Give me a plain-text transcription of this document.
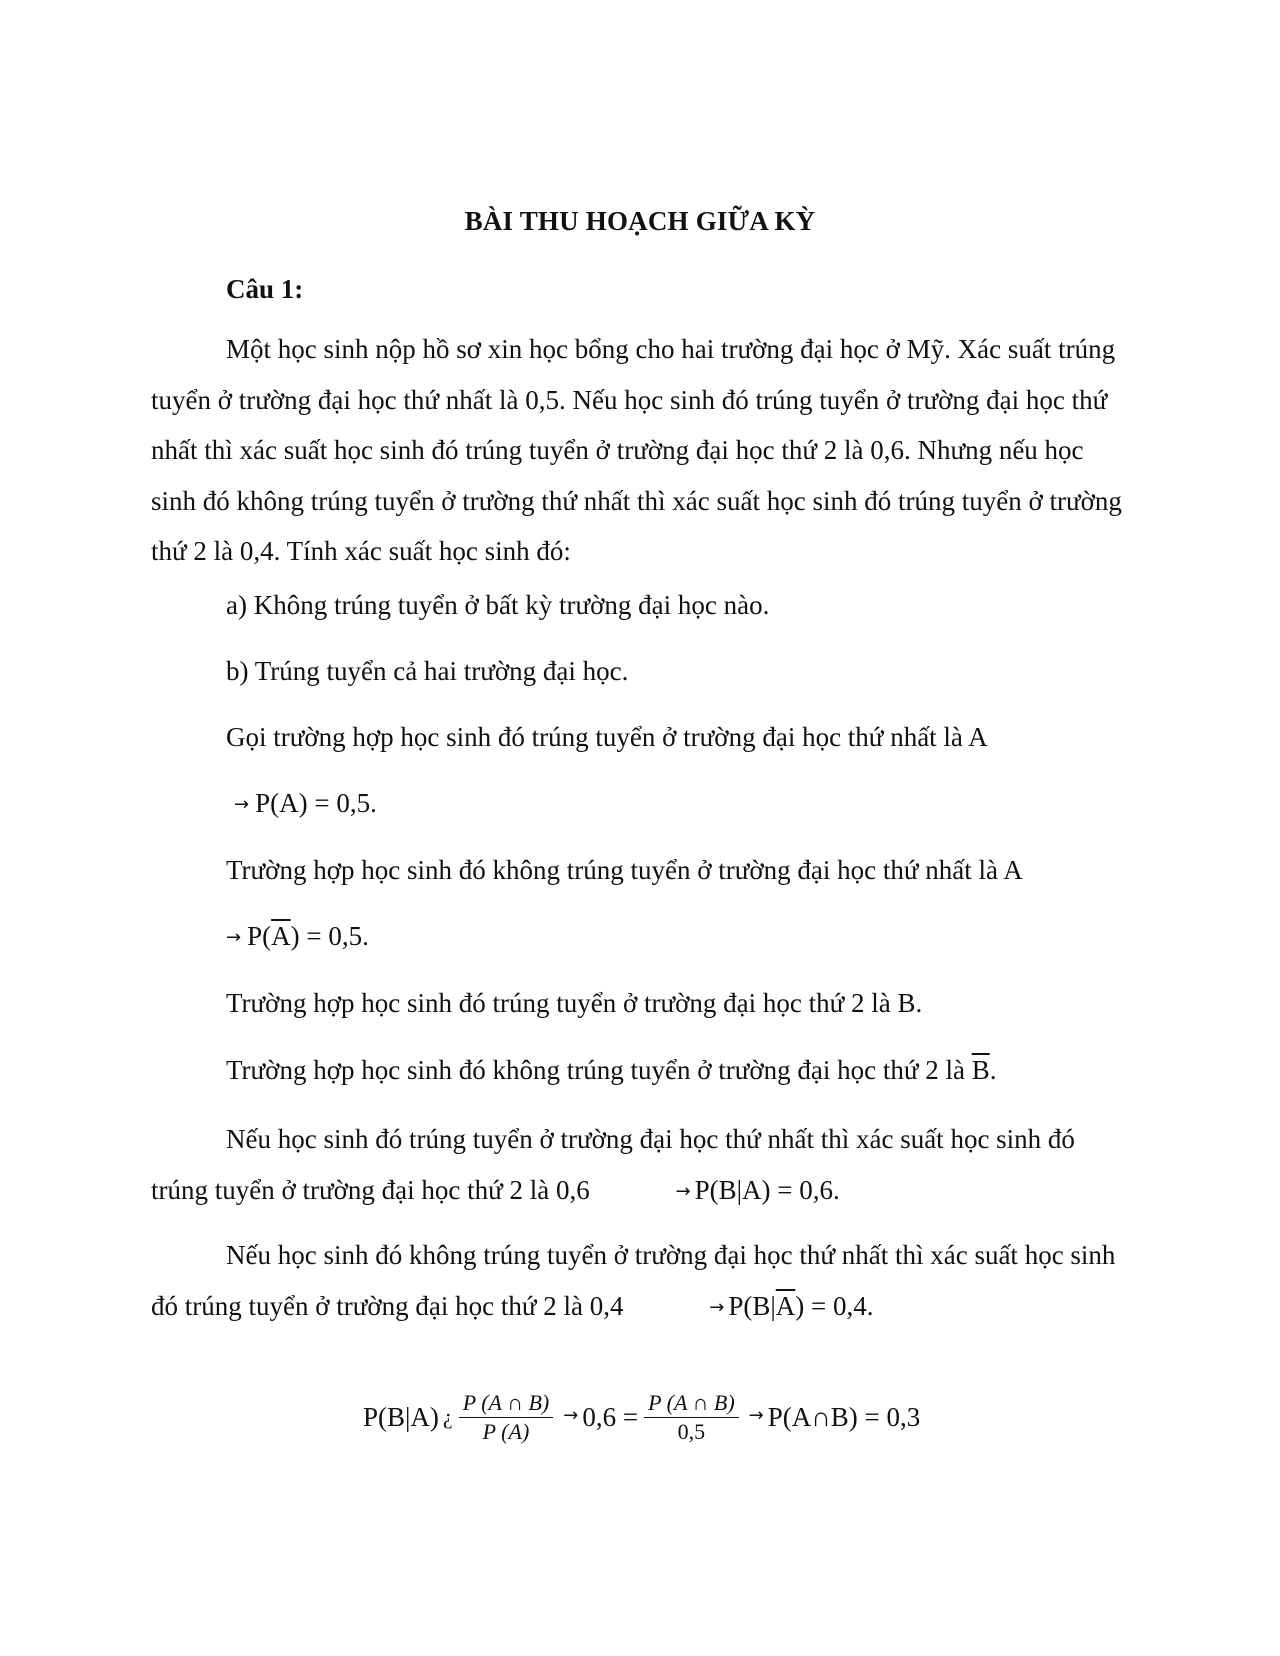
BÀI THU HOẠCH GIỮA KỲ
Câu 1:

Một học sinh nộp hồ sơ xin học bổng cho hai trường đại học ở Mỹ. Xác suất trúng tuyển ở trường đại học thứ nhất là 0,5. Nếu học sinh đó trúng tuyển ở trường đại học thứ nhất thì xác suất học sinh đó trúng tuyển ở trường đại học thứ 2 là 0,6. Nhưng nếu học sinh đó không trúng tuyển ở trường thứ nhất thì xác suất học sinh đó trúng tuyển ở trường thứ 2 là 0,4. Tính xác suất học sinh đó:

a) Không trúng tuyển ở bất kỳ trường đại học nào.
b) Trúng tuyển cả hai trường đại học.
Gọi trường hợp học sinh đó trúng tuyển ở trường đại học thứ nhất là A
→ P(A) = 0,5.
Trường hợp học sinh đó không trúng tuyển ở trường đại học thứ nhất là A
→ $P(\overline{A}) = 0,5$.
Trường hợp học sinh đó trúng tuyển ở trường đại học thứ 2 là B.
Trường hợp học sinh đó không trúng tuyển ở trường đại học thứ 2 là $\overline{B}$.

Nếu học sinh đó trúng tuyển ở trường đại học thứ nhất thì xác suất học sinh đó trúng tuyển ở trường đại học thứ 2 là 0,6	→ P(B|A) = 0,6.

Nếu học sinh đó không trúng tuyển ở trường đại học thứ nhất thì xác suất học sinh đó trúng tuyển ở trường đại học thứ 2 là 0,4	→ $P(B|\overline{A}) = 0,4$.

P(B|A) ¿ $\frac{P (A \cap B)}{P (A)} \to 0,6 = \frac{P (A \cap B)}{0,5}$ → P(A∩B) = 0,3
